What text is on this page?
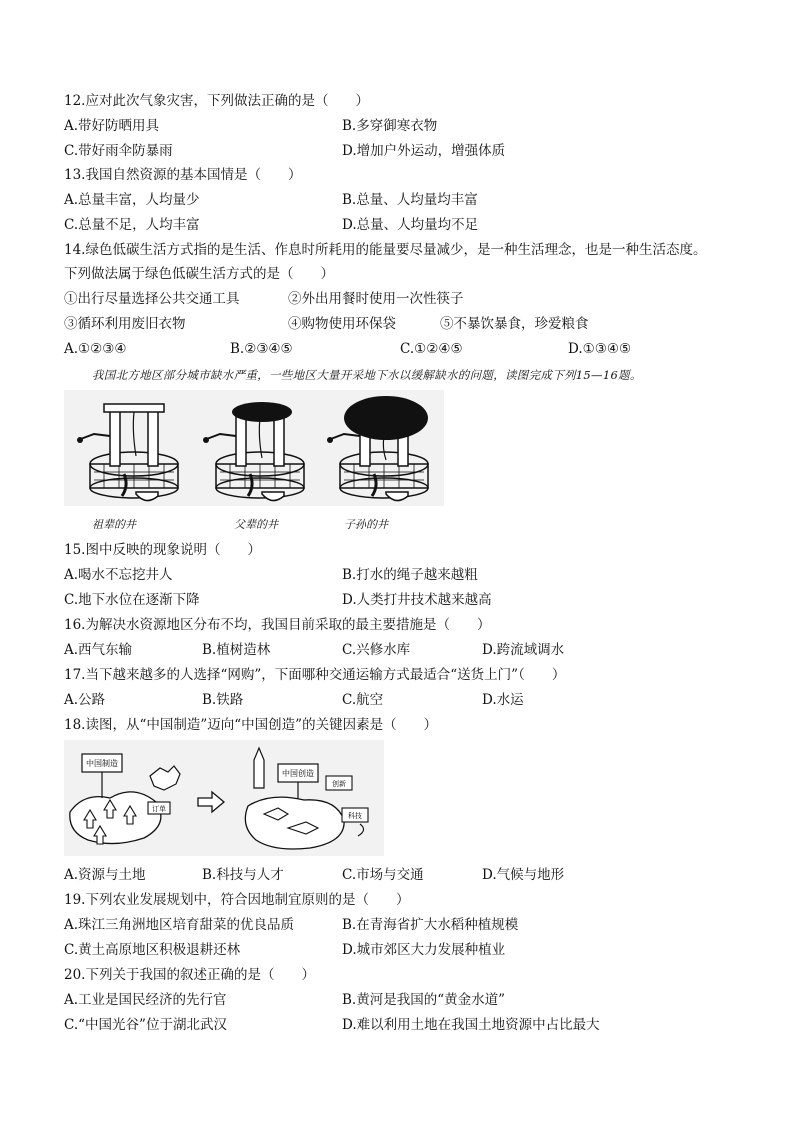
12.应对此次气象灾害，下列做法正确的是（　　）
A.带好防晒用具	B.多穿御寒衣物
C.带好雨伞防暴雨	D.增加户外运动，增强体质
13.我国自然资源的基本国情是（　　）
A.总量丰富，人均量少	B.总量、人均量均丰富
C.总量不足，人均丰富	D.总量、人均量均不足
14.绿色低碳生活方式指的是生活、作息时所耗用的能量要尽量减少，是一种生活理念，也是一种生活态度。
下列做法属于绿色低碳生活方式的是（　　）
①出行尽量选择公共交通工具	②外出用餐时使用一次性筷子
③循环利用废旧衣物	④购物使用环保袋	⑤不暴饮暴食，珍爱粮食
A.①②③④	B.②③④⑤	C.①②④⑤	D.①③④⑤
我国北方地区部分城市缺水严重，一些地区大量开采地下水以缓解缺水的问题，读图完成下列15—16题。
祖辈的井	父辈的井	子孙的井
15.图中反映的现象说明（　　）
A.喝水不忘挖井人	B.打水的绳子越来越粗
C.地下水位在逐渐下降	D.人类打井技术越来越高
16.为解决水资源地区分布不均，我国目前采取的最主要措施是（　　）
A.西气东输	B.植树造林	C.兴修水库	D.跨流域调水
17.当下越来越多的人选择“网购”，下面哪种交通运输方式最适合“送货上门”（　　）
A.公路	B.铁路	C.航空	D.水运
18.读图，从“中国制造”迈向“中国创造”的关键因素是（　　）
中国制造
订单
中国创造
创新
科技
A.资源与土地	B.科技与人才	C.市场与交通	D.气候与地形
19.下列农业发展规划中，符合因地制宜原则的是（　　）
A.珠江三角洲地区培育甜菜的优良品质	B.在青海省扩大水稻种植规模
C.黄土高原地区积极退耕还林	D.城市郊区大力发展种植业
20.下列关于我国的叙述正确的是（　　）
A.工业是国民经济的先行官	B.黄河是我国的“黄金水道”
C.“中国光谷”位于湖北武汉	D.难以利用土地在我国土地资源中占比最大
